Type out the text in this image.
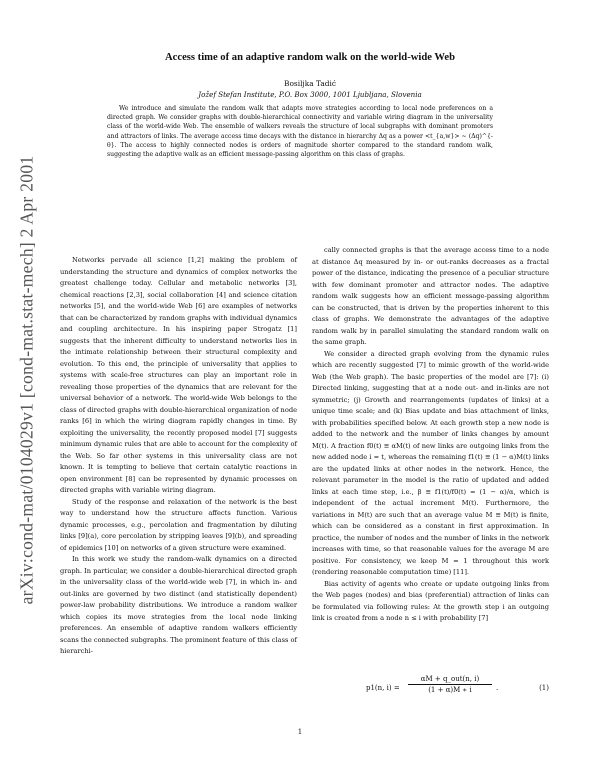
arXiv:cond-mat/0104029v1 [cond-mat.stat-mech] 2 Apr 2001
Access time of an adaptive random walk on the world-wide Web
Bosiljka Tadić
Jožef Stefan Institute, P.O. Box 3000, 1001 Ljubljana, Slovenia

We introduce and simulate the random walk that adapts move strategies according to local node preferences on a directed graph. We consider graphs with double-hierarchical connectivity and variable wiring diagram in the universality class of the world-wide Web. The ensemble of walkers reveals the structure of local subgraphs with dominant promoters and attractors of links. The average access time decays with the distance in hierarchy Δq as a power <t_{a,w}> ~ (Δq)^{-θ}. The access to highly connected nodes is orders of magnitude shorter compared to the standard random walk, suggesting the adaptive walk as an efficient message-passing algorithm on this class of graphs.

Networks pervade all science [1,2] making the problem of understanding the structure and dynamics of complex networks the greatest challenge today. Cellular and metabolic networks [3], chemical reactions [2,3], social collaboration [4] and science citation networks [5], and the world-wide Web [6] are examples of networks that can be characterized by random graphs with individual dynamics and coupling architecture. In his inspiring paper Strogatz [1] suggests that the inherent difficulty to understand networks lies in the intimate relationship between their structural complexity and evolution. To this end, the principle of universality that applies to systems with scale-free structures can play an important role in revealing those properties of the dynamics that are relevant for the universal behavior of a network. The world-wide Web belongs to the class of directed graphs with double-hierarchical organization of node ranks [6] in which the wiring diagram rapidly changes in time. By exploiting the universality, the recently proposed model [7] suggests minimum dynamic rules that are able to account for the complexity of the Web. So far other systems in this universality class are not known. It is tempting to believe that certain catalytic reactions in open environment [8] can be represented by dynamic processes on directed graphs with variable wiring diagram.

Study of the response and relaxation of the network is the best way to understand how the structure affects function. Various dynamic processes, e.g., percolation and fragmentation by diluting links [9](a), core percolation by stripping leaves [9](b), and spreading of epidemics [10] on networks of a given structure were examined.

In this work we study the random-walk dynamics on a directed graph. In particular, we consider a double-hierarchical directed graph in the universality class of the world-wide web [7], in which in- and out-links are governed by two distinct (and statistically dependent) power-law probability distributions. We introduce a random walker which copies its move strategies from the local node linking preferences. An ensemble of adaptive random walkers efficiently scans the connected subgraphs. The prominent feature of this class of hierarchi-

cally connected graphs is that the average access time to a node at distance Δq measured by in- or out-ranks decreases as a fractal power of the distance, indicating the presence of a peculiar structure with few dominant promoter and attractor nodes. The adaptive random walk suggests how an efficient message-passing algorithm can be constructed, that is driven by the properties inherent to this class of graphs. We demonstrate the advantages of the adaptive random walk by in parallel simulating the standard random walk on the same graph.

We consider a directed graph evolving from the dynamic rules which are recently suggested [7] to mimic growth of the world-wide Web (the Web graph). The basic properties of the model are [7]: (i) Directed linking, suggesting that at a node out- and in-links are not symmetric; (j) Growth and rearrangements (updates of links) at a unique time scale; and (k) Bias update and bias attachment of links, with probabilities specified below. At each growth step a new node is added to the network and the number of links changes by amount M(t). A fraction f0(t) ≡ αM(t) of new links are outgoing links from the new added node i = t, whereas the remaining f1(t) ≡ (1 − α)M(t) links are the updated links at other nodes in the network. Hence, the relevant parameter in the model is the ratio of updated and added links at each time step, i.e., β ≡ f1(t)/f0(t) = (1 − α)/α, which is independent of the actual increment M(t). Furthermore, the variations in M(t) are such that an average value M ≡ M(t) is finite, which can be considered as a constant in first approximation. In practice, the number of nodes and the number of links in the network increases with time, so that reasonable values for the average M are positive. For consistency, we keep M = 1 throughout this work (rendering reasonable computation time) [11].

Bias activity of agents who create or update outgoing links from the Web pages (nodes) and bias (preferential) attraction of links can be formulated via following rules: At the growth step i an outgoing link is created from a node n ≤ i with probability [7]

p1(n, i) =
αM + q_out(n, i)
(1 + α)M ∗ i	.	(1)
1
